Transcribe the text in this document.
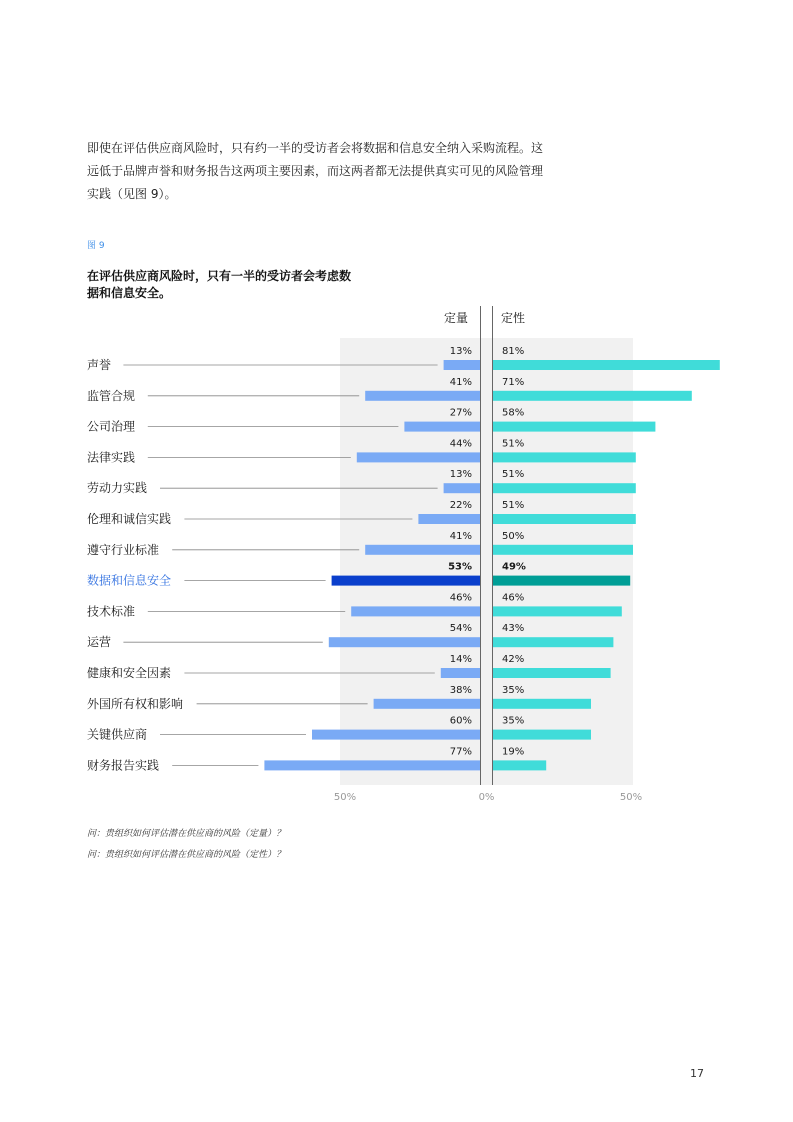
即使在评估供应商风险时，只有约一半的受访者会将数据和信息安全纳入采购流程。这

远低于品牌声誉和财务报告这两项主要因素，而这两者都无法提供真实可见的风险管理

实践（见图 9）。

图 9
在评估供应商风险时，只有一半的受访者会考虑数据和信息安全。
定量	定性
声誉
13%	81%
监管合规
41%	71%
公司治理
27%	58%
法律实践
44%	51%
劳动力实践
13%	51%
伦理和诚信实践
22%	51%
遵守行业标准
41%	50%
数据和信息安全
53%	49%
技术标准
46%	46%
运营
54%	43%
健康和安全因素
14%	42%
外国所有权和影响
38%	35%
关键供应商
60%	35%
财务报告实践
77%	19%
50%	0%	50%
问：贵组织如何评估潜在供应商的风险（定量）？
问：贵组织如何评估潜在供应商的风险（定性）？
17
